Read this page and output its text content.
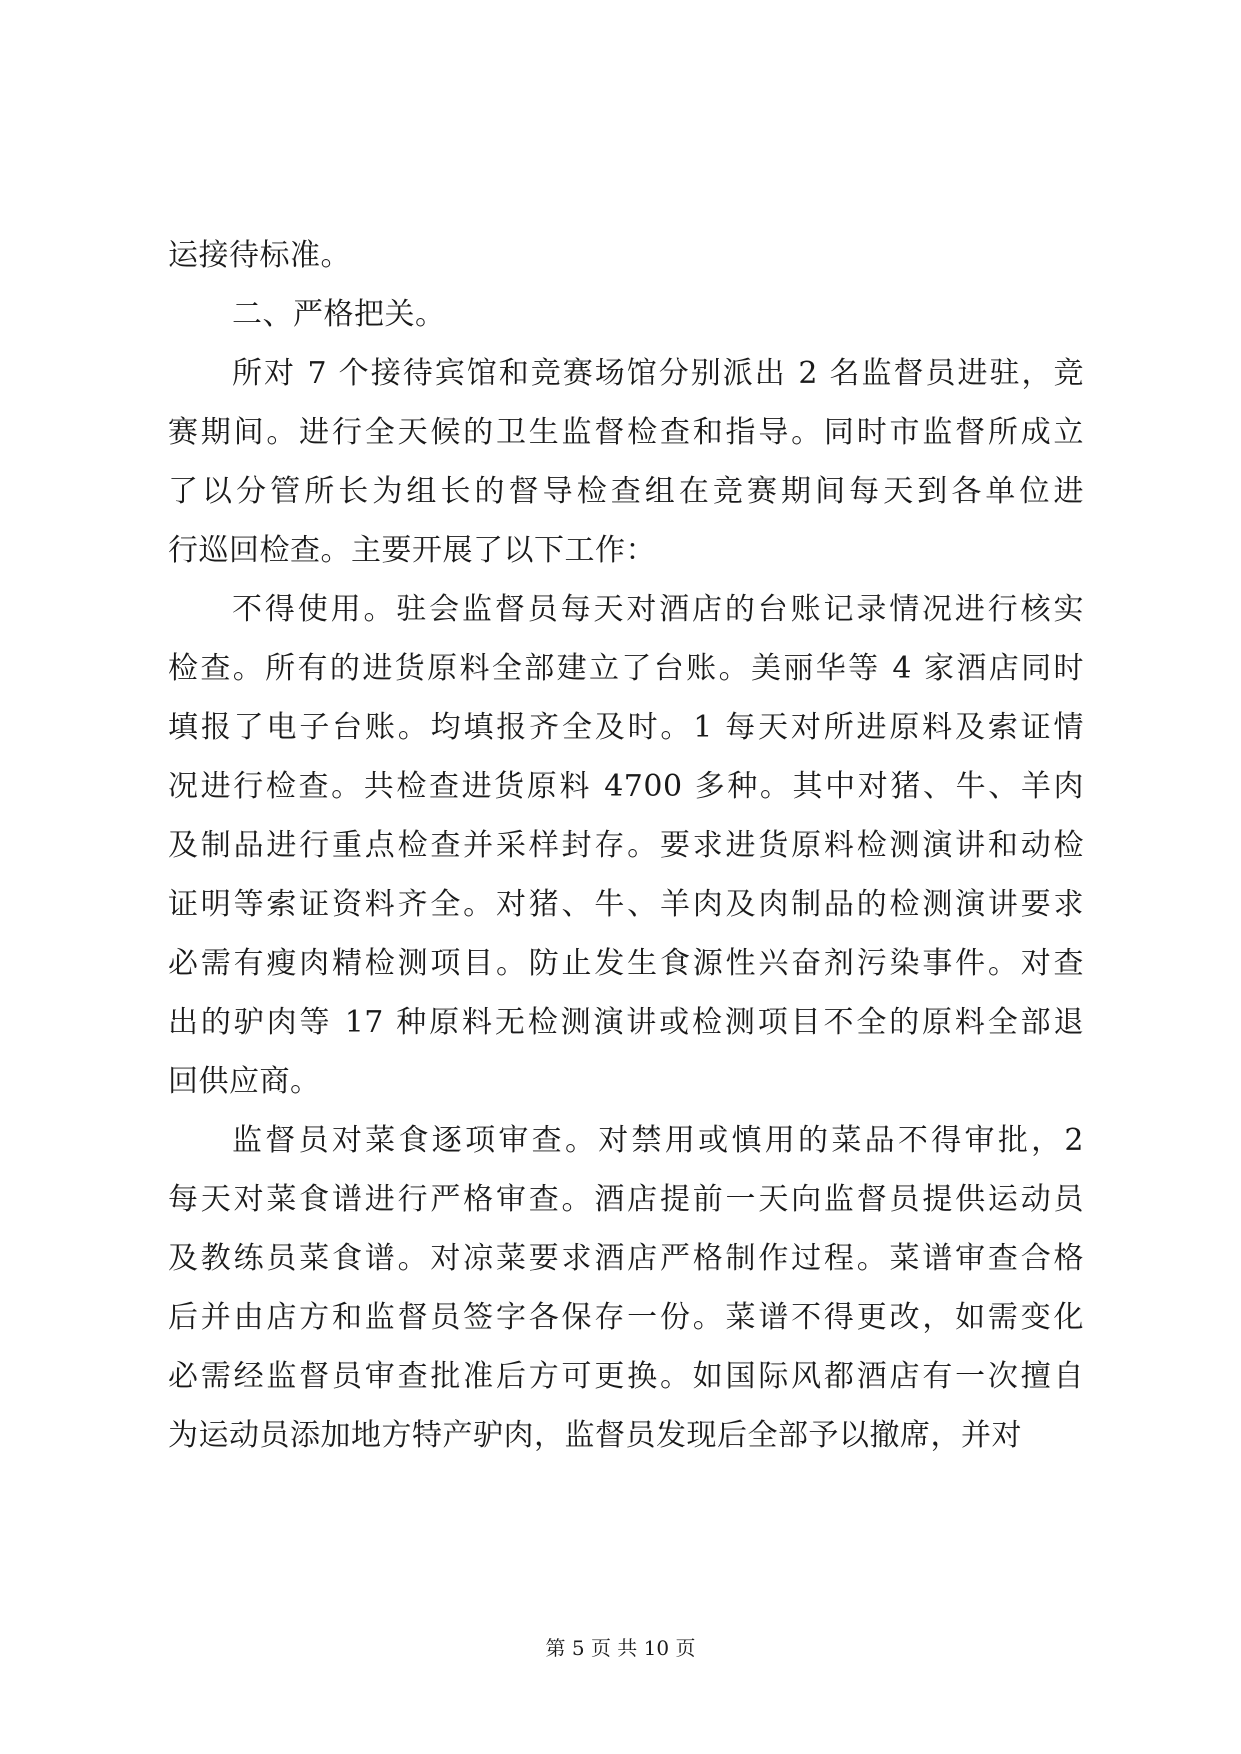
运接待标准。
二、严格把关。
所对 7 个接待宾馆和竞赛场馆分别派出 2 名监督员进驻，竞
赛期间。进行全天候的卫生监督检查和指导。同时市监督所成立
了以分管所长为组长的督导检查组在竞赛期间每天到各单位进
行巡回检查。主要开展了以下工作：
不得使用。驻会监督员每天对酒店的台账记录情况进行核实
检查。所有的进货原料全部建立了台账。美丽华等 4 家酒店同时
填报了电子台账。均填报齐全及时。1 每天对所进原料及索证情
况进行检查。共检查进货原料 4700 多种。其中对猪、牛、羊肉
及制品进行重点检查并采样封存。要求进货原料检测演讲和动检
证明等索证资料齐全。对猪、牛、羊肉及肉制品的检测演讲要求
必需有瘦肉精检测项目。防止发生食源性兴奋剂污染事件。对查
出的驴肉等 17 种原料无检测演讲或检测项目不全的原料全部退
回供应商。
监督员对菜食逐项审查。对禁用或慎用的菜品不得审批，2
每天对菜食谱进行严格审查。酒店提前一天向监督员提供运动员
及教练员菜食谱。对凉菜要求酒店严格制作过程。菜谱审查合格
后并由店方和监督员签字各保存一份。菜谱不得更改，如需变化
必需经监督员审查批准后方可更换。如国际风都酒店有一次擅自
为运动员添加地方特产驴肉，监督员发现后全部予以撤席，并对
第 5 页 共 10 页
